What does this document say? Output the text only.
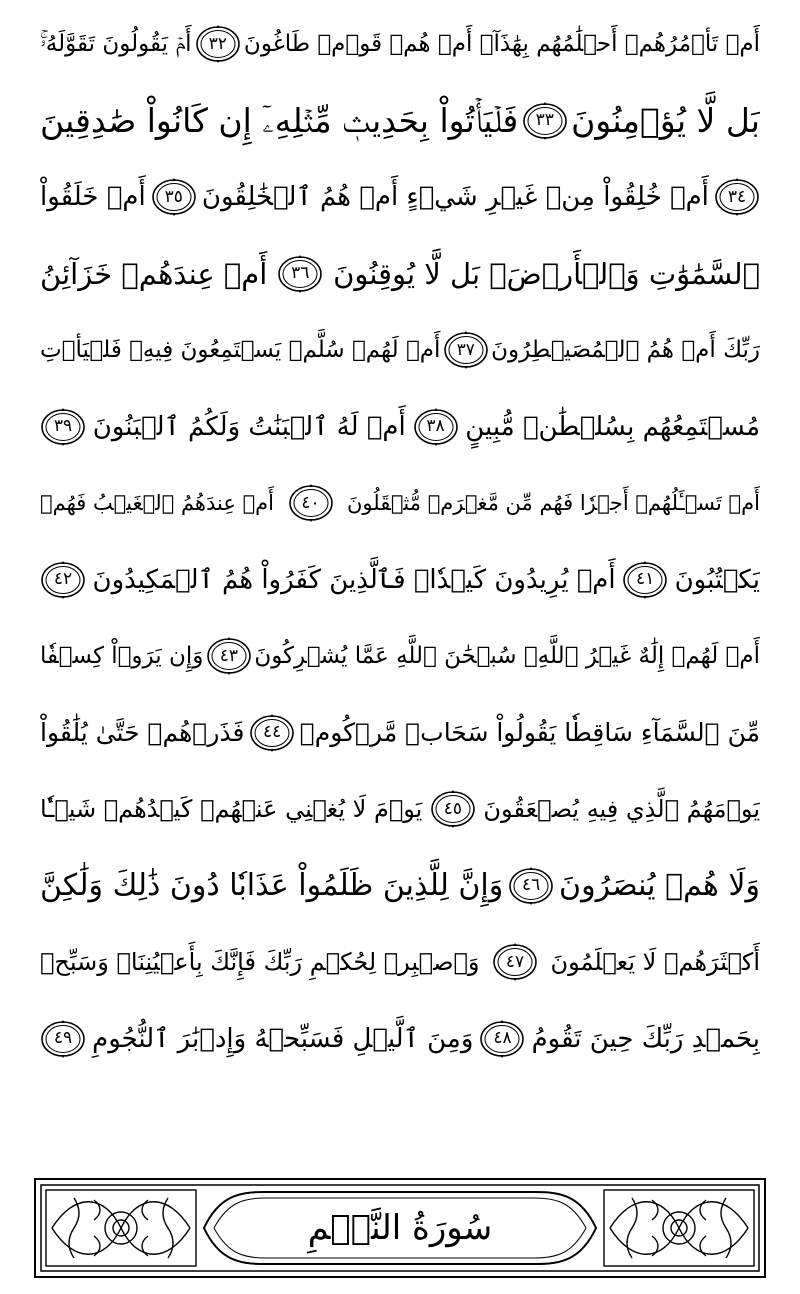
أَمۡ تَأۡمُرُهُمۡ أَحۡلَٰمُهُم بِهَٰذَآۚ أَمۡ هُمۡ قَوۡمٞ طَاغُونَ
٣٢
أَمۡ يَقُولُونَ تَقَوَّلَهُۥۚ
بَل لَّا يُؤۡمِنُونَ
٣٣
فَلۡيَأۡتُواْ بِحَدِيثٖ مِّثۡلِهِۦٓ إِن كَانُواْ صَٰدِقِينَ
٣٤
أَمۡ خُلِقُواْ مِنۡ غَيۡرِ شَيۡءٍ أَمۡ هُمُ ٱلۡخَٰلِقُونَ
٣٥
أَمۡ خَلَقُواْ
ٱلسَّمَٰوَٰتِ وَٱلۡأَرۡضَۚ بَل لَّا يُوقِنُونَ
٣٦
أَمۡ عِندَهُمۡ خَزَآئِنُ
رَبِّكَ أَمۡ هُمُ ٱلۡمُصَيۡطِرُونَ
٣٧
أَمۡ لَهُمۡ سُلَّمٞ يَسۡتَمِعُونَ فِيهِۖ فَلۡيَأۡتِ
مُسۡتَمِعُهُم بِسُلۡطَٰنٖ مُّبِينٍ
٣٨
أَمۡ لَهُ ٱلۡبَنَٰتُ وَلَكُمُ ٱلۡبَنُونَ
٣٩
أَمۡ تَسۡـَٔلُهُمۡ أَجۡرٗا فَهُم مِّن مَّغۡرَمٖ مُّثۡقَلُونَ
٤٠
أَمۡ عِندَهُمُ ٱلۡغَيۡبُ فَهُمۡ
يَكۡتُبُونَ
٤١
أَمۡ يُرِيدُونَ كَيۡدٗاۖ فَٱلَّذِينَ كَفَرُواْ هُمُ ٱلۡمَكِيدُونَ
٤٢
أَمۡ لَهُمۡ إِلَٰهٌ غَيۡرُ ٱللَّهِۚ سُبۡحَٰنَ ٱللَّهِ عَمَّا يُشۡرِكُونَ
٤٣
وَإِن يَرَوۡاْ كِسۡفٗا
مِّنَ ٱلسَّمَآءِ سَاقِطٗا يَقُولُواْ سَحَابٞ مَّرۡكُومٞ
٤٤
فَذَرۡهُمۡ حَتَّىٰ يُلَٰقُواْ
يَوۡمَهُمُ ٱلَّذِي فِيهِ يُصۡعَقُونَ
٤٥
يَوۡمَ لَا يُغۡنِي عَنۡهُمۡ كَيۡدُهُمۡ شَيۡـٔٗا
وَلَا هُمۡ يُنصَرُونَ
٤٦
وَإِنَّ لِلَّذِينَ ظَلَمُواْ عَذَابٗا دُونَ ذَٰلِكَ وَلَٰكِنَّ
أَكۡثَرَهُمۡ لَا يَعۡلَمُونَ
٤٧
وَٱصۡبِرۡ لِحُكۡمِ رَبِّكَ فَإِنَّكَ بِأَعۡيُنِنَاۖ وَسَبِّحۡ
بِحَمۡدِ رَبِّكَ حِينَ تَقُومُ
٤٨
وَمِنَ ٱلَّيۡلِ فَسَبِّحۡهُ وَإِدۡبَٰرَ ٱلنُّجُومِ
٤٩
سُورَةُ النَّجۡمِ
